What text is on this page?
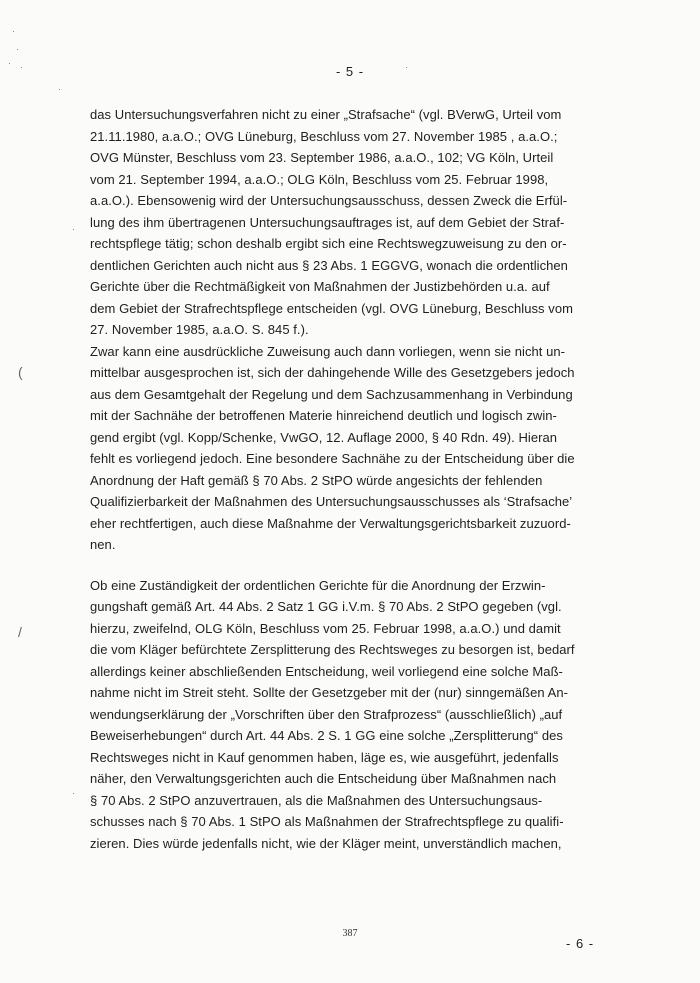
- 5 -
das Untersuchungsverfahren nicht zu einer „Strafsache“ (vgl. BVerwG, Urteil vom
21.11.1980, a.a.O.; OVG Lüneburg, Beschluss vom 27. November 1985 , a.a.O.;
OVG Münster, Beschluss vom 23. September 1986, a.a.O., 102; VG Köln, Urteil
vom 21. September 1994, a.a.O.; OLG Köln, Beschluss vom 25. Februar 1998,
a.a.O.). Ebensowenig wird der Untersuchungsausschuss, dessen Zweck die Erfül-
lung des ihm übertragenen Untersuchungsauftrages ist, auf dem Gebiet der Straf-
rechtspflege tätig; schon deshalb ergibt sich eine Rechtswegzuweisung zu den or-
dentlichen Gerichten auch nicht aus § 23 Abs. 1 EGGVG, wonach die ordentlichen
Gerichte über die Rechtmäßigkeit von Maßnahmen der Justizbehörden u.a. auf
dem Gebiet der Strafrechtspflege entscheiden (vgl. OVG Lüneburg, Beschluss vom
27. November 1985, a.a.O. S. 845 f.).
Zwar kann eine ausdrückliche Zuweisung auch dann vorliegen, wenn sie nicht un-
mittelbar ausgesprochen ist, sich der dahingehende Wille des Gesetzgebers jedoch
aus dem Gesamtgehalt der Regelung und dem Sachzusammenhang in Verbindung
mit der Sachnähe der betroffenen Materie hinreichend deutlich und logisch zwin-
gend ergibt (vgl. Kopp/Schenke, VwGO, 12. Auflage 2000, § 40 Rdn. 49). Hieran
fehlt es vorliegend jedoch. Eine besondere Sachnähe zu der Entscheidung über die
Anordnung der Haft gemäß § 70 Abs. 2 StPO würde angesichts der fehlenden
Qualifizierbarkeit der Maßnahmen des Untersuchungsausschusses als ‘Strafsache’
eher rechtfertigen, auch diese Maßnahme der Verwaltungsgerichtsbarkeit zuzuord-
nen.
Ob eine Zuständigkeit der ordentlichen Gerichte für die Anordnung der Erzwin-
gungshaft gemäß Art. 44 Abs. 2 Satz 1 GG i.V.m. § 70 Abs. 2 StPO gegeben (vgl.
hierzu, zweifelnd, OLG Köln, Beschluss vom 25. Februar 1998, a.a.O.) und damit
die vom Kläger befürchtete Zersplitterung des Rechtsweges zu besorgen ist, bedarf
allerdings keiner abschließenden Entscheidung, weil vorliegend eine solche Maß-
nahme nicht im Streit steht. Sollte der Gesetzgeber mit der (nur) sinngemäßen An-
wendungserklärung der „Vorschriften über den Strafprozess“ (ausschließlich) „auf
Beweiserhebungen“ durch Art. 44 Abs. 2 S. 1 GG eine solche „Zersplitterung“ des
Rechtsweges nicht in Kauf genommen haben, läge es, wie ausgeführt, jedenfalls
näher, den Verwaltungsgerichten auch die Entscheidung über Maßnahmen nach
§ 70 Abs. 2 StPO anzuvertrauen, als die Maßnahmen des Untersuchungsaus-
schusses nach § 70 Abs. 1 StPO als Maßnahmen der Strafrechtspflege zu qualifi-
zieren. Dies würde jedenfalls nicht, wie der Kläger meint, unverständlich machen,
387
- 6 -
·
·
·
·
·
·
·
·
(
/
